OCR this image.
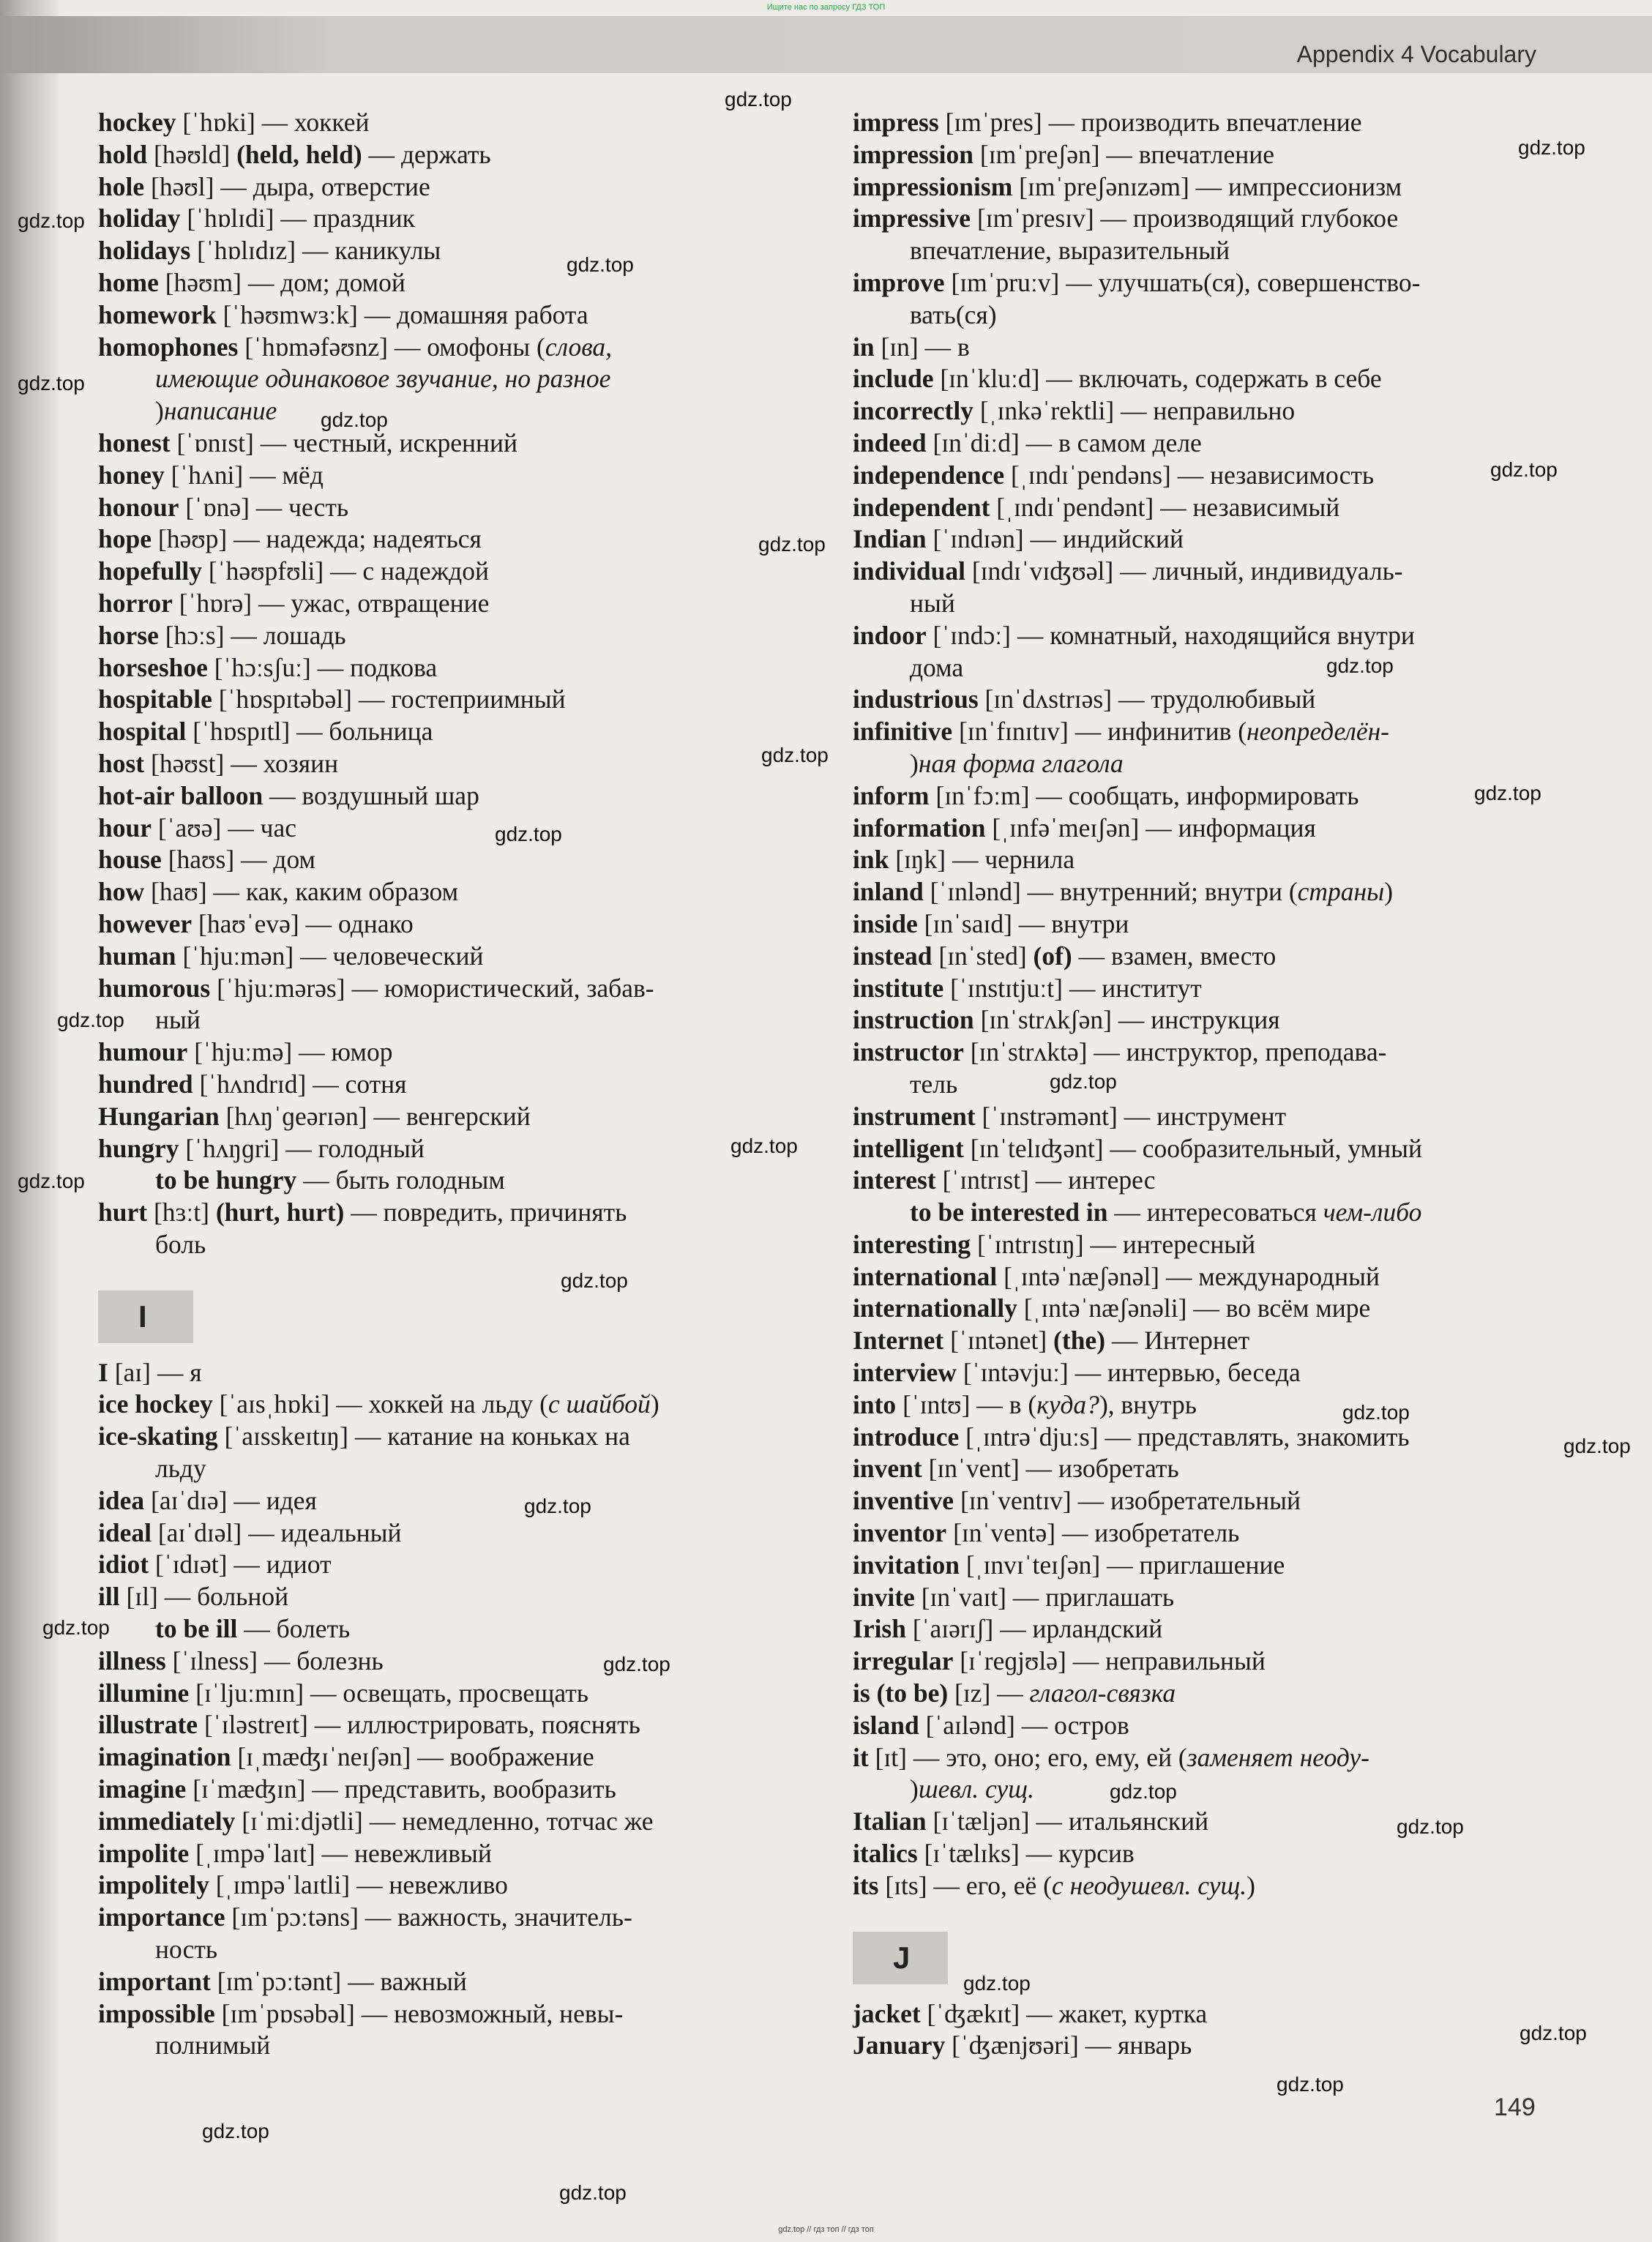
Ищите нас по запросу ГДЗ ТОП
Appendix 4 Vocabulary
hockey [ˈhɒki] — хоккей
hold [həʊld] (held, held) — держать
hole [həʊl] — дыра, отверстие
holiday [ˈhɒlɪdi] — праздник
holidays [ˈhɒlɪdɪz] — каникулы
home [həʊm] — дом; домой
homework [ˈhəʊmwɜːk] — домашняя работа
homophones [ˈhɒməfəʊnz] — омофоны (слова,
имеющие одинаковое звучание, но разное
)написание
honest [ˈɒnɪst] — честный, искренний
honey [ˈhʌni] — мёд
honour [ˈɒnə] — честь
hope [həʊp] — надежда; надеяться
hopefully [ˈhəʊpfʊli] — с надеждой
horror [ˈhɒrə] — ужас, отвращение
horse [hɔːs] — лошадь
horseshoe [ˈhɔːsʃuː] — подкова
hospitable [ˈhɒspɪtəbəl] — гостеприимный
hospital [ˈhɒspɪtl] — больница
host [həʊst] — хозяин
hot-air balloon — воздушный шар
hour [ˈaʊə] — час
house [haʊs] — дом
how [haʊ] — как, каким образом
however [haʊˈevə] — однако
human [ˈhjuːmən] — человеческий
humorous [ˈhjuːmərəs] — юмористический, забав-
ный
humour [ˈhjuːmə] — юмор
hundred [ˈhʌndrɪd] — сотня
Hungarian [hʌŋˈɡeərɪən] — венгерский
hungry [ˈhʌŋɡri] — голодный
to be hungry — быть голодным
hurt [hɜːt] (hurt, hurt) — повредить, причинять
боль
I
I [aɪ] — я
ice hockey [ˈaɪsˌhɒki] — хоккей на льду (с шайбой)
ice-skating [ˈaɪsskeɪtɪŋ] — катание на коньках на
льду
idea [aɪˈdɪə] — идея
ideal [aɪˈdɪəl] — идеальный
idiot [ˈɪdɪət] — идиот
ill [ɪl] — больной
to be ill — болеть
illness [ˈɪlness] — болезнь
illumine [ɪˈljuːmɪn] — освещать, просвещать
illustrate [ˈɪləstreɪt] — иллюстрировать, пояснять
imagination [ɪˌmæʤɪˈneɪʃən] — воображение
imagine [ɪˈmæʤɪn] — представить, вообразить
immediately [ɪˈmiːdjətli] — немедленно, тотчас же
impolite [ˌɪmpəˈlaɪt] — невежливый
impolitely [ˌɪmpəˈlaɪtli] — невежливо
importance [ɪmˈpɔːtəns] — важность, значитель-
ность
important [ɪmˈpɔːtənt] — важный
impossible [ɪmˈpɒsəbəl] — невозможный, невы-
полнимый
impress [ɪmˈpres] — производить впечатление
impression [ɪmˈpreʃən] — впечатление
impressionism [ɪmˈpreʃənɪzəm] — импрессионизм
impressive [ɪmˈpresɪv] — производящий глубокое
впечатление, выразительный
improve [ɪmˈpruːv] — улучшать(ся), совершенство-
вать(ся)
in [ɪn] — в
include [ɪnˈkluːd] — включать, содержать в себе
incorrectly [ˌɪnkəˈrektli] — неправильно
indeed [ɪnˈdiːd] — в самом деле
independence [ˌɪndɪˈpendəns] — независимость
independent [ˌɪndɪˈpendənt] — независимый
Indian [ˈɪndɪən] — индийский
individual [ɪndɪˈvɪʤʊəl] — личный, индивидуаль-
ный
indoor [ˈɪndɔː] — комнатный, находящийся внутри
дома
industrious [ɪnˈdʌstrɪəs] — трудолюбивый
infinitive [ɪnˈfɪnɪtɪv] — инфинитив (неопределён-
)ная форма глагола
inform [ɪnˈfɔːm] — сообщать, информировать
information [ˌɪnfəˈmeɪʃən] — информация
ink [ɪŋk] — чернила
inland [ˈɪnlənd] — внутренний; внутри (страны)
inside [ɪnˈsaɪd] — внутри
instead [ɪnˈsted] (of) — взамен, вместо
institute [ˈɪnstɪtjuːt] — институт
instruction [ɪnˈstrʌkʃən] — инструкция
instructor [ɪnˈstrʌktə] — инструктор, преподава-
тель
instrument [ˈɪnstrəmənt] — инструмент
intelligent [ɪnˈtelɪʤənt] — сообразительный, умный
interest [ˈɪntrɪst] — интерес
to be interested in — интересоваться чем-либо
interesting [ˈɪntrɪstɪŋ] — интересный
international [ˌɪntəˈnæʃənəl] — международный
internationally [ˌɪntəˈnæʃənəli] — во всём мире
Internet [ˈɪntənet] (the) — Интернет
interview [ˈɪntəvjuː] — интервью, беседа
into [ˈɪntʊ] — в (куда?), внутрь
introduce [ˌɪntrəˈdjuːs] — представлять, знакомить
invent [ɪnˈvent] — изобретать
inventive [ɪnˈventɪv] — изобретательный
inventor [ɪnˈventə] — изобретатель
invitation [ˌɪnvɪˈteɪʃən] — приглашение
invite [ɪnˈvaɪt] — приглашать
Irish [ˈaɪərɪʃ] — ирландский
irregular [ɪˈreɡjʊlə] — неправильный
is (to be) [ɪz] — глагол-связка
island [ˈaɪlənd] — остров
it [ɪt] — это, оно; его, ему, ей (заменяет неоду-
)шевл. сущ.
Italian [ɪˈtæljən] — итальянский
italics [ɪˈtælɪks] — курсив
its [ɪts] — его, её (с неодушевл. сущ.)
J
jacket [ˈʤækɪt] — жакет, куртка
January [ˈʤænjʊəri] — январь
149
gdz.top
gdz.top
gdz.top
gdz.top
gdz.top
gdz.top
gdz.top
gdz.top
gdz.top
gdz.top
gdz.top
gdz.top
gdz.top
gdz.top
gdz.top
gdz.top
gdz.top
gdz.top
gdz.top
gdz.top
gdz.top
gdz.top
gdz.top
gdz.top
gdz.top
gdz.top
gdz.top
gdz.top
gdz.top
gdz.top // гдз топ // гдз топ
